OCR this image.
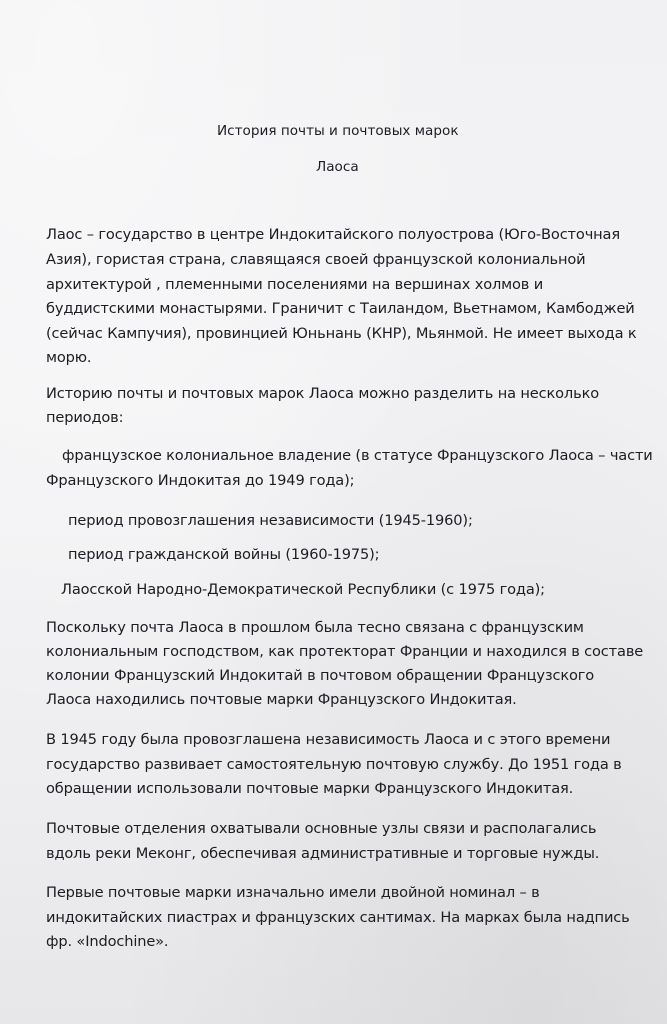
История почты и почтовых марок
Лаоса
Лаос – государство в центре Индокитайского полуострова (Юго-Восточная
Азия), гористая страна, славящаяся своей французской колониальной
архитектурой , племенными поселениями на вершинах холмов и
буддистскими монастырями. Граничит с Таиландом, Вьетнамом, Камбоджей
(сейчас Кампучия), провинцией Юньнань (КНР), Мьянмой. Не имеет выхода к
морю.
Историю почты и почтовых марок Лаоса можно разделить на несколько
периодов:
французское колониальное владение (в статусе Французского Лаоса – части
Французского Индокитая до 1949 года);
период провозглашения независимости (1945-1960);
период гражданской войны (1960-1975);
Лаосской Народно-Демократической Республики (с 1975 года);
Поскольку почта Лаоса в прошлом была тесно связана с французским
колониальным господством, как протекторат Франции и находился в составе
колонии Французский Индокитай в почтовом обращении Французского
Лаоса находились почтовые марки Французского Индокитая.
В 1945 году была провозглашена независимость Лаоса и с этого времени
государство развивает самостоятельную почтовую службу. До 1951 года в
обращении использовали почтовые марки Французского Индокитая.
Почтовые отделения охватывали основные узлы связи и располагались
вдоль реки Меконг, обеспечивая административные и торговые нужды.
Первые почтовые марки изначально имели двойной номинал – в
индокитайских пиастрах и французских сантимах. На марках была надпись
фр. «Indochine».
